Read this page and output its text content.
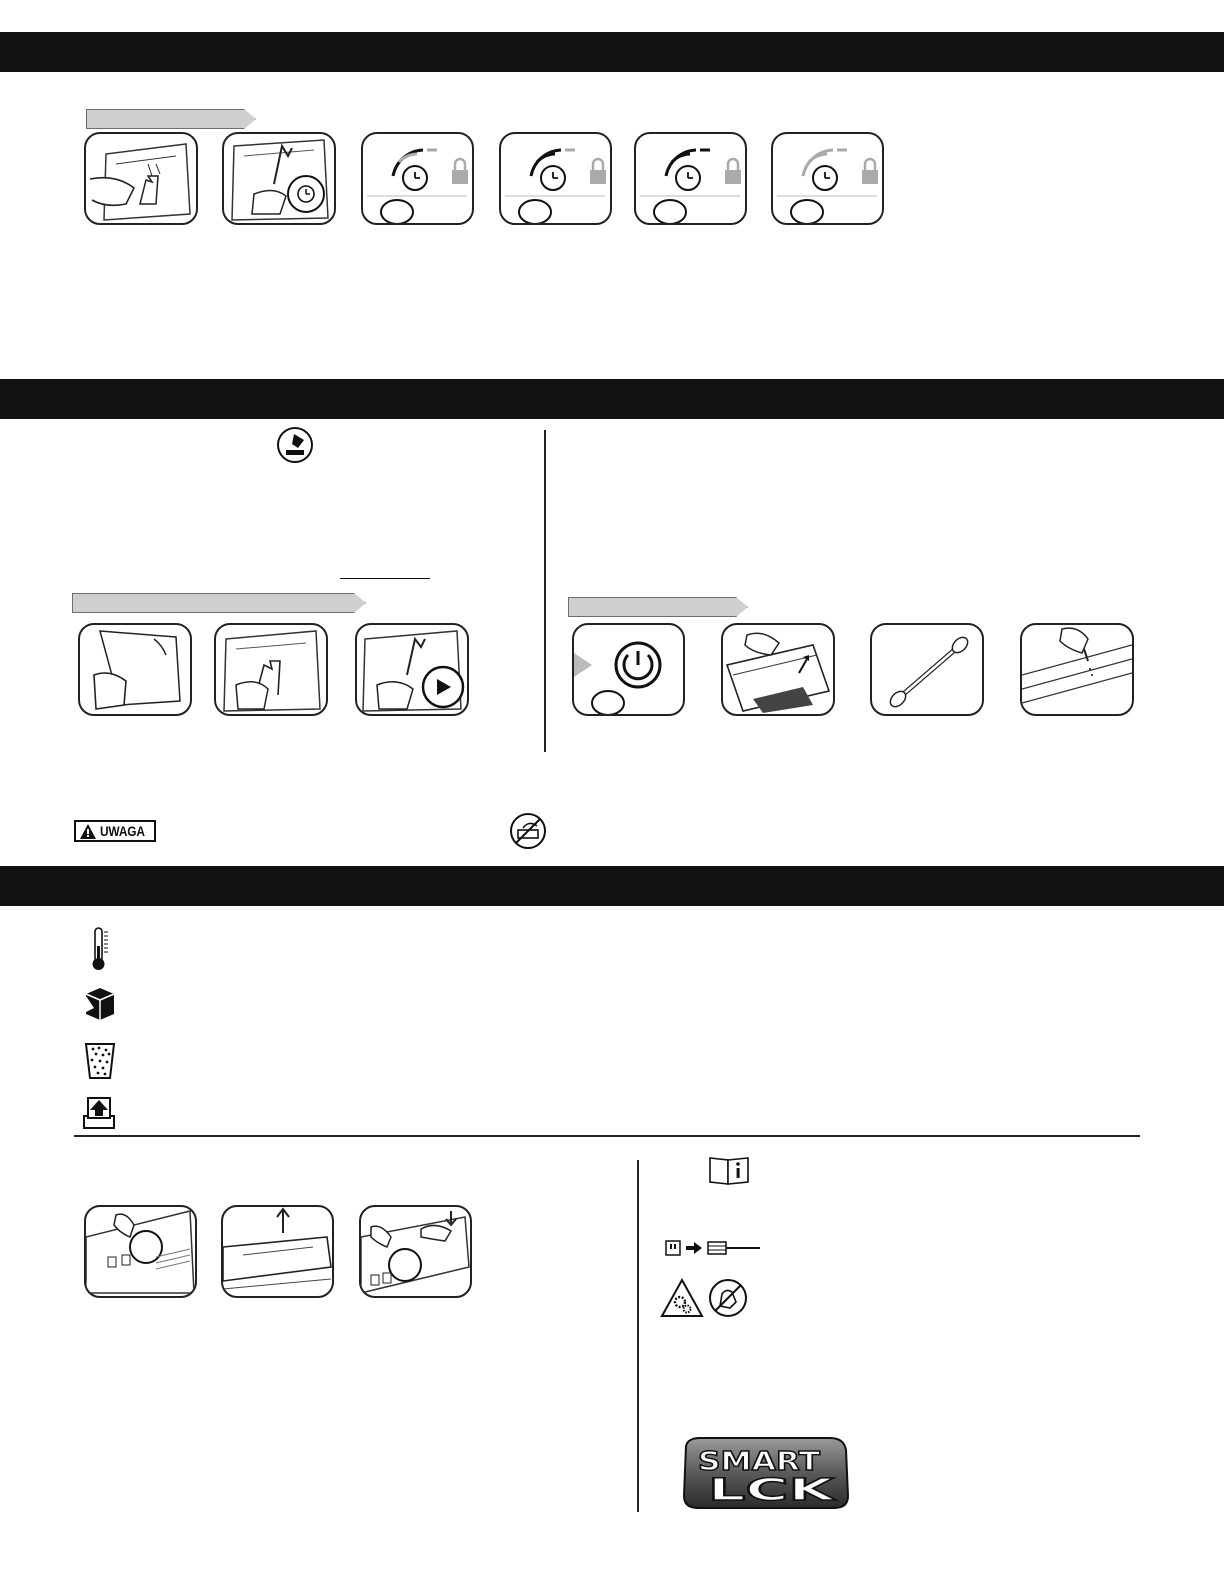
UWAGA
SMART
LCK
